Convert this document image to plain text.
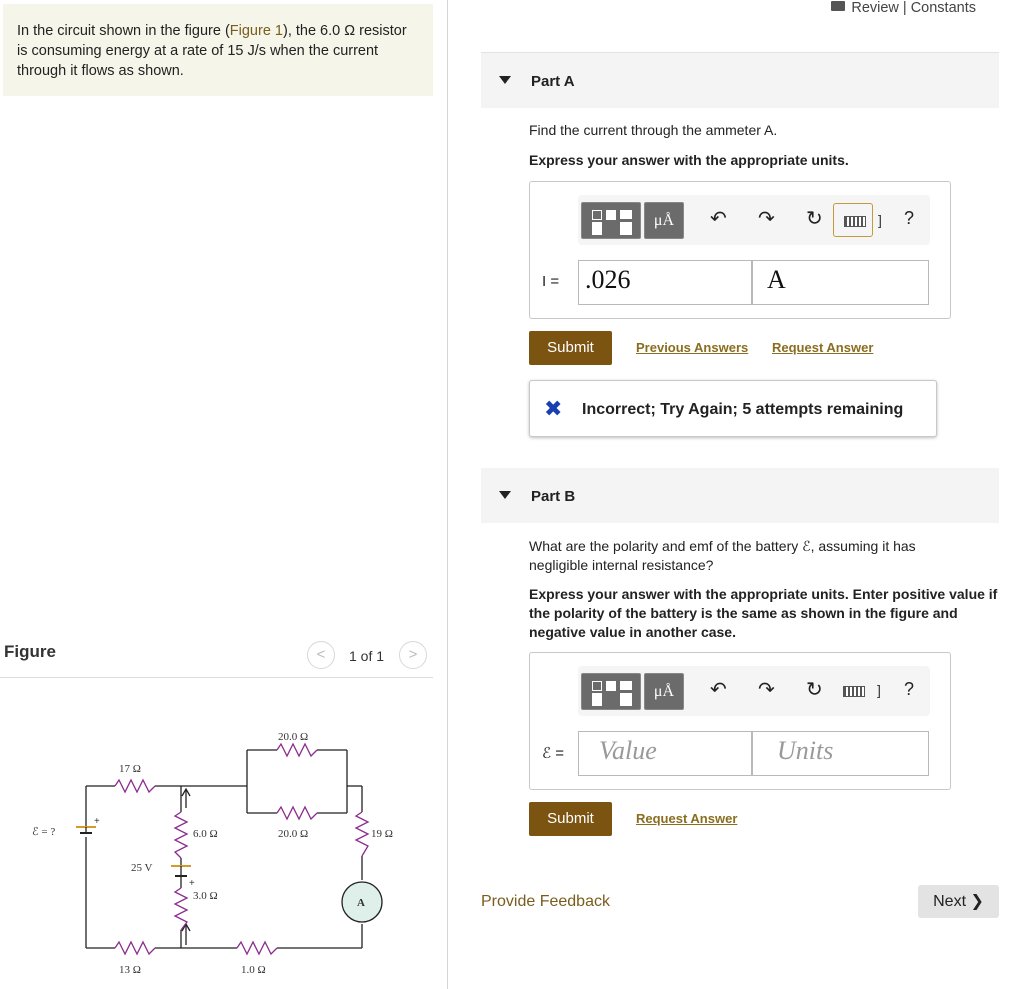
In the circuit shown in the figure (Figure 1), the 6.0 Ω resistor is consuming energy at a rate of 15 J/s when the current through it flows as shown.
Figure	<	1 of 1	>
20.0 Ω
17 Ω
ℰ = ?	6.0 Ω	20.0 Ω	19 Ω
25 V
3.0 Ω
13 Ω	1.0 Ω
A
+
+
Review | Constants
Part A
Find the current through the ammeter A.
Express your answer with the appropriate units.
μÅ	↶ ↷ ↻	] ?
I = .026	A
Submit	Previous Answers Request Answer
✖ Incorrect; Try Again; 5 attempts remaining
Part B
What are the polarity and emf of the battery ℰ, assuming it has negligible internal resistance?
Express your answer with the appropriate units. Enter positive value if the polarity of the battery is the same as shown in the figure and negative value in another case.
μÅ	↶ ↷ ↻	] ?
ℰ =	Value	Units
Submit	Request Answer
Provide Feedback	Next ❯
